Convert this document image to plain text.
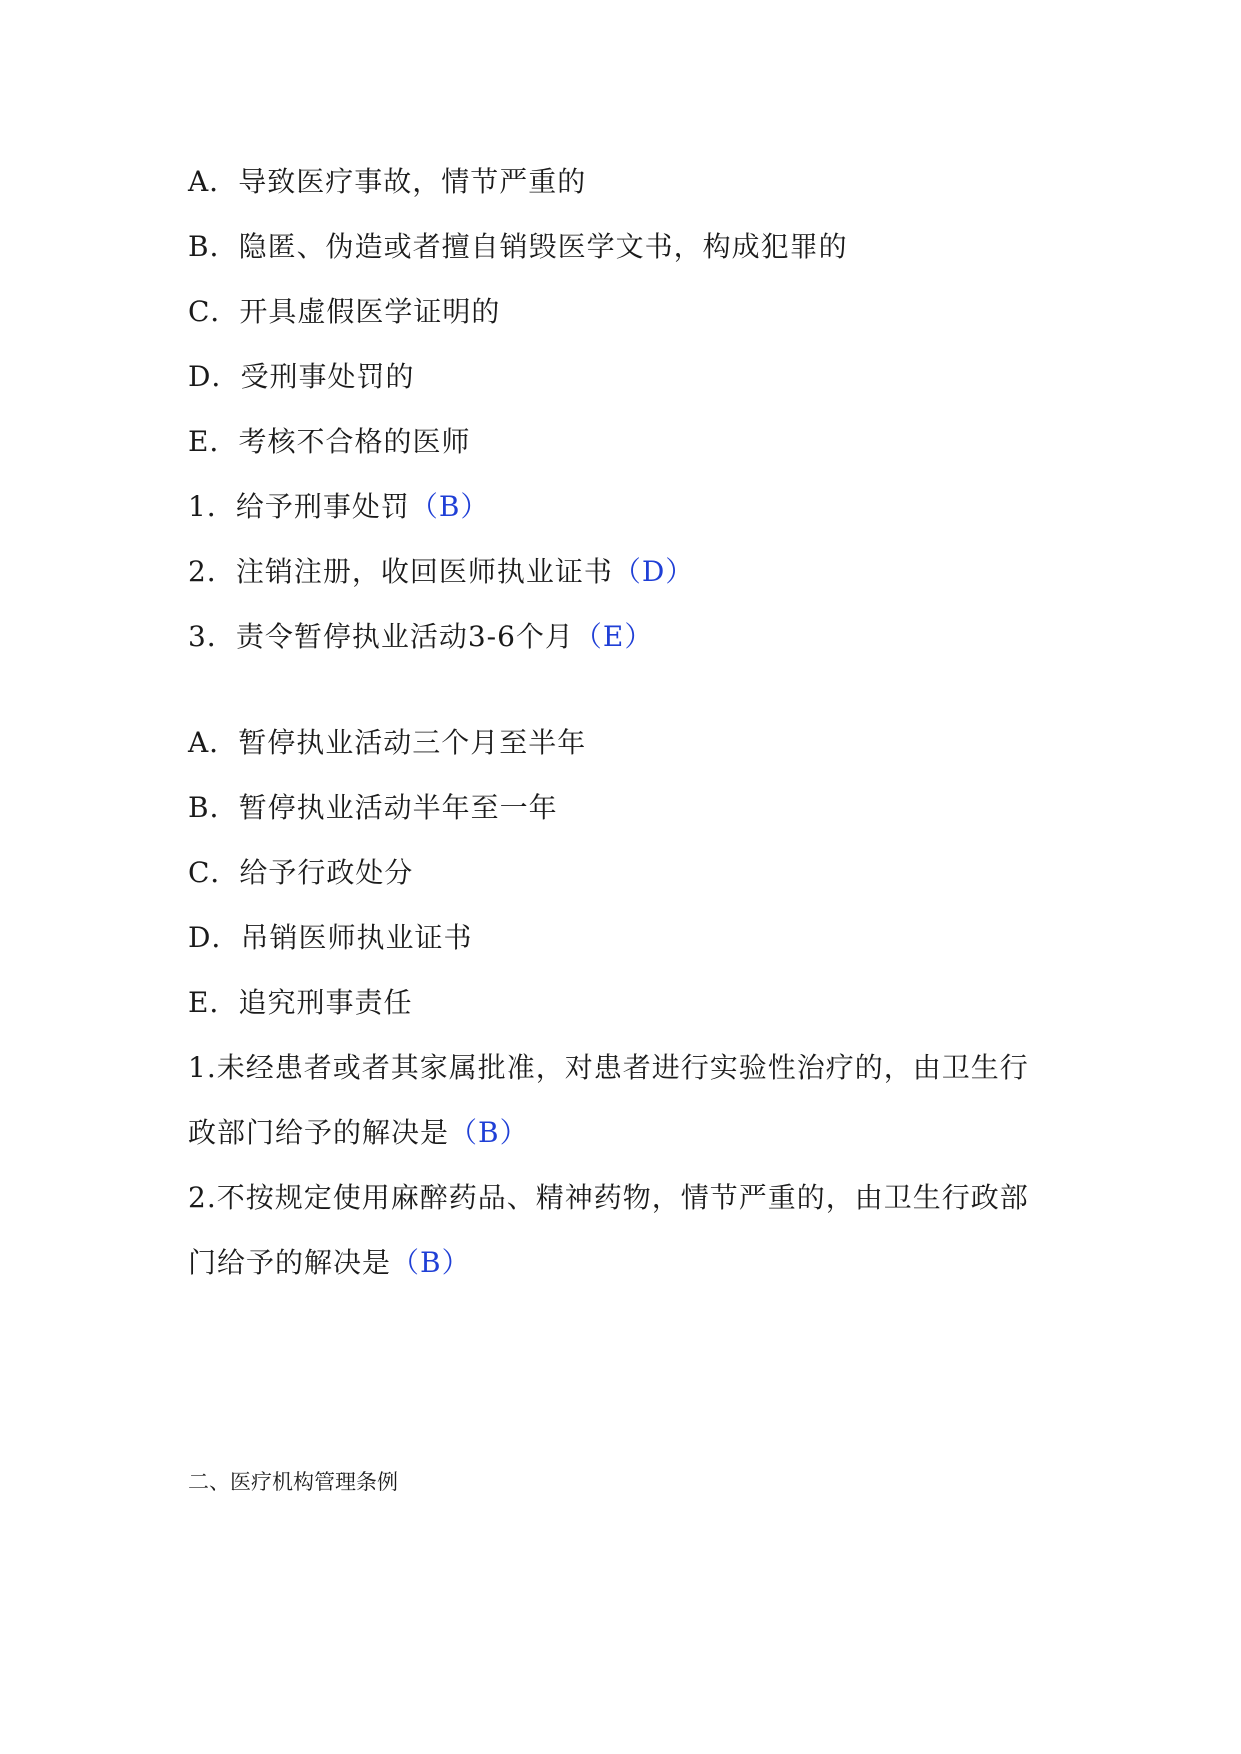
A．导致医疗事故，情节严重的
B．隐匿、伪造或者擅自销毁医学文书，构成犯罪的
C．开具虚假医学证明的
D．受刑事处罚的
E．考核不合格的医师
1．给予刑事处罚（B）
2．注销注册，收回医师执业证书（D）
3．责令暂停执业活动3-6个月（E）
A．暂停执业活动三个月至半年
B．暂停执业活动半年至一年
C．给予行政处分
D．吊销医师执业证书
E．追究刑事责任
1.未经患者或者其家属批准，对患者进行实验性治疗的，由卫生行
政部门给予的解决是（B）
2.不按规定使用麻醉药品、精神药物，情节严重的，由卫生行政部
门给予的解决是（B）
二、医疗机构管理条例
